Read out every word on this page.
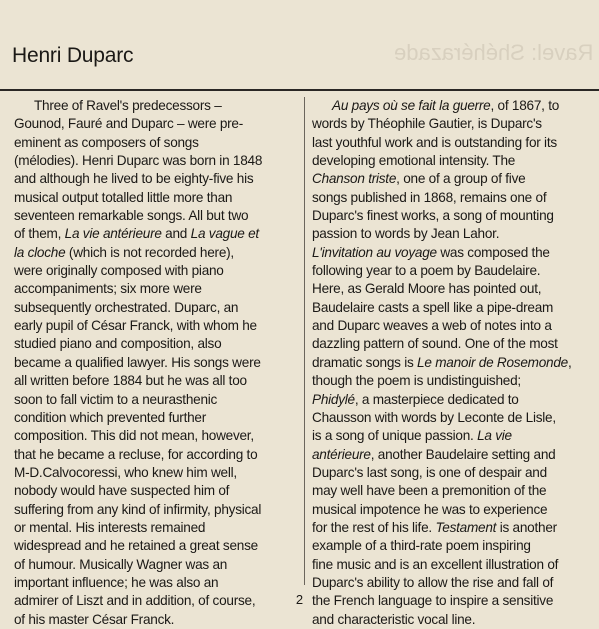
Ravel: Shéhérazade
Henri Duparc

Three of Ravel's predecessors –

Gounod, Fauré and Duparc – were pre-

eminent as composers of songs

(mélodies). Henri Duparc was born in 1848

and although he lived to be eighty-five his

musical output totalled little more than

seventeen remarkable songs. All but two

of them, La vie antérieure and La vague et

la cloche (which is not recorded here),

were originally composed with piano

accompaniments; six more were

subsequently orchestrated. Duparc, an

early pupil of César Franck, with whom he

studied piano and composition, also

became a qualified lawyer. His songs were

all written before 1884 but he was all too

soon to fall victim to a neurasthenic

condition which prevented further

composition. This did not mean, however,

that he became a recluse, for according to

M-D.Calvocoressi, who knew him well,

nobody would have suspected him of

suffering from any kind of infirmity, physical

or mental. His interests remained

widespread and he retained a great sense

of humour. Musically Wagner was an

important influence; he was also an

admirer of Liszt and in addition, of course,

of his master César Franck.

Au pays où se fait la guerre, of 1867, to

words by Théophile Gautier, is Duparc's

last youthful work and is outstanding for its

developing emotional intensity. The

Chanson triste, one of a group of five

songs published in 1868, remains one of

Duparc's finest works, a song of mounting

passion to words by Jean Lahor.

L'invitation au voyage was composed the

following year to a poem by Baudelaire.

Here, as Gerald Moore has pointed out,

Baudelaire casts a spell like a pipe-dream

and Duparc weaves a web of notes into a

dazzling pattern of sound. One of the most

dramatic songs is Le manoir de Rosemonde,

though the poem is undistinguished;

Phidylé, a masterpiece dedicated to

Chausson with words by Leconte de Lisle,

is a song of unique passion. La vie

antérieure, another Baudelaire setting and

Duparc's last song, is one of despair and

may well have been a premonition of the

musical impotence he was to experience

for the rest of his life. Testament is another

example of a third-rate poem inspiring

fine music and is an excellent illustration of

Duparc's ability to allow the rise and fall of

the French language to inspire a sensitive

and characteristic vocal line.

2
